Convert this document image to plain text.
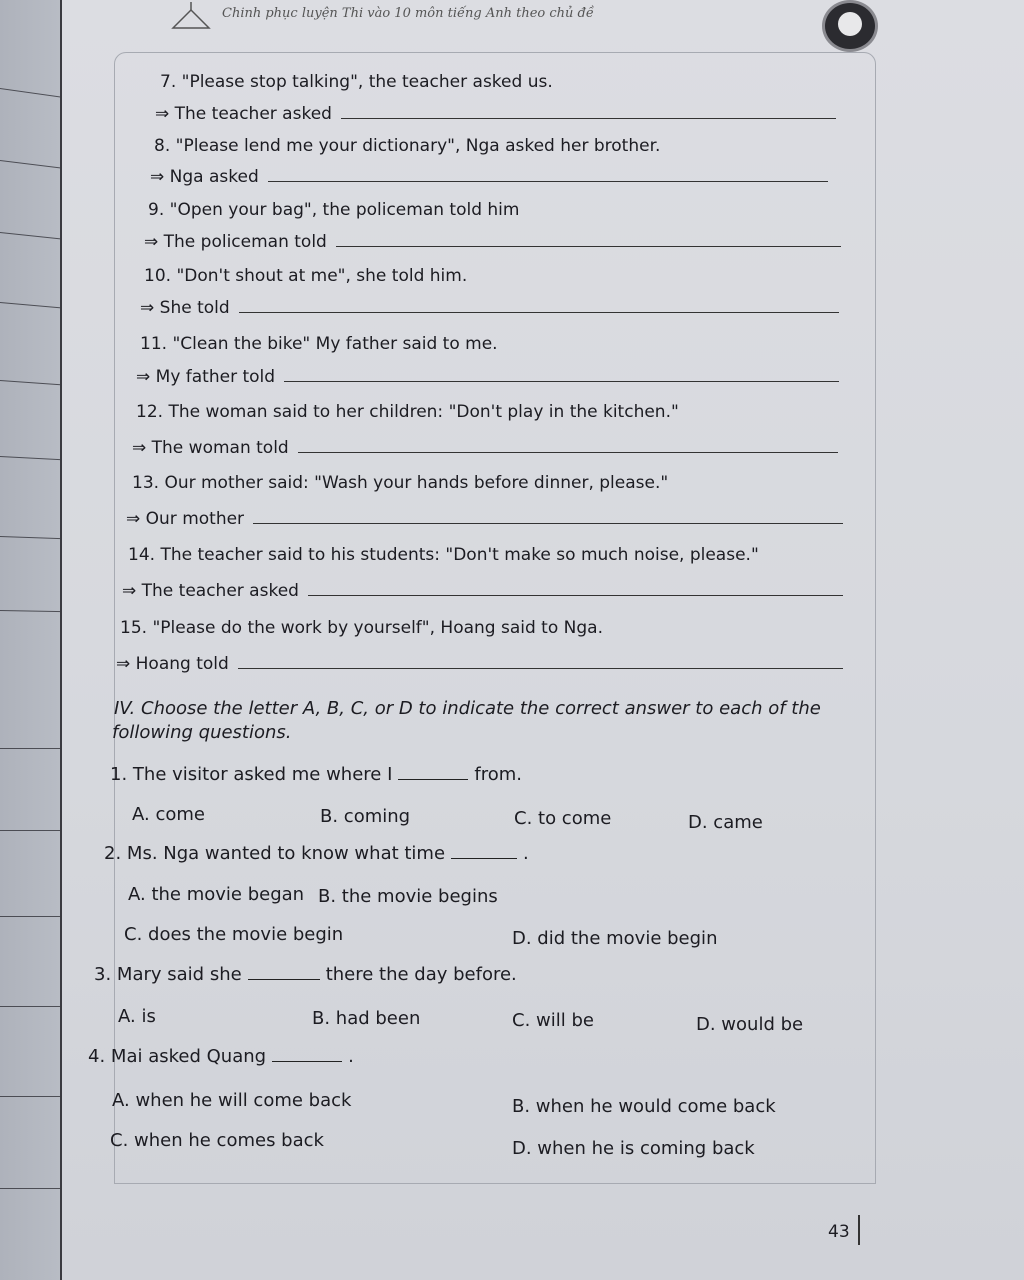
Chinh phục luyện Thi vào 10 môn tiếng Anh theo chủ đề
7. "Please stop talking", the teacher asked us.
⇒ The teacher asked
8. "Please lend me your dictionary", Nga asked her brother.
⇒ Nga asked
9. "Open your bag", the policeman told him
⇒ The policeman told
10. "Don't shout at me", she told him.
⇒ She told
11. "Clean the bike" My father said to me.
⇒ My father told
12. The woman said to her children: "Don't play in the kitchen."
⇒ The woman told
13. Our mother said: "Wash your hands before dinner, please."
⇒ Our mother
14. The teacher said to his students: "Don't make so much noise, please."
⇒ The teacher asked
15. "Please do the work by yourself", Hoang said to Nga.
⇒ Hoang told
IV. Choose the letter A, B, C, or D to indicate the correct answer to each of the
following questions.
1. The visitor asked me where I	from.
A. come	B. coming	C. to come	D. came
2. Ms. Nga wanted to know what time	.
A. the movie began B. the movie begins
C. does the movie begin	D. did the movie begin
3. Mary said she	there the day before.
A. is	B. had been	C. will be	D. would be
4. Mai asked Quang	.
A. when he will come back	B. when he would come back
C. when he comes back	D. when he is coming back
43
